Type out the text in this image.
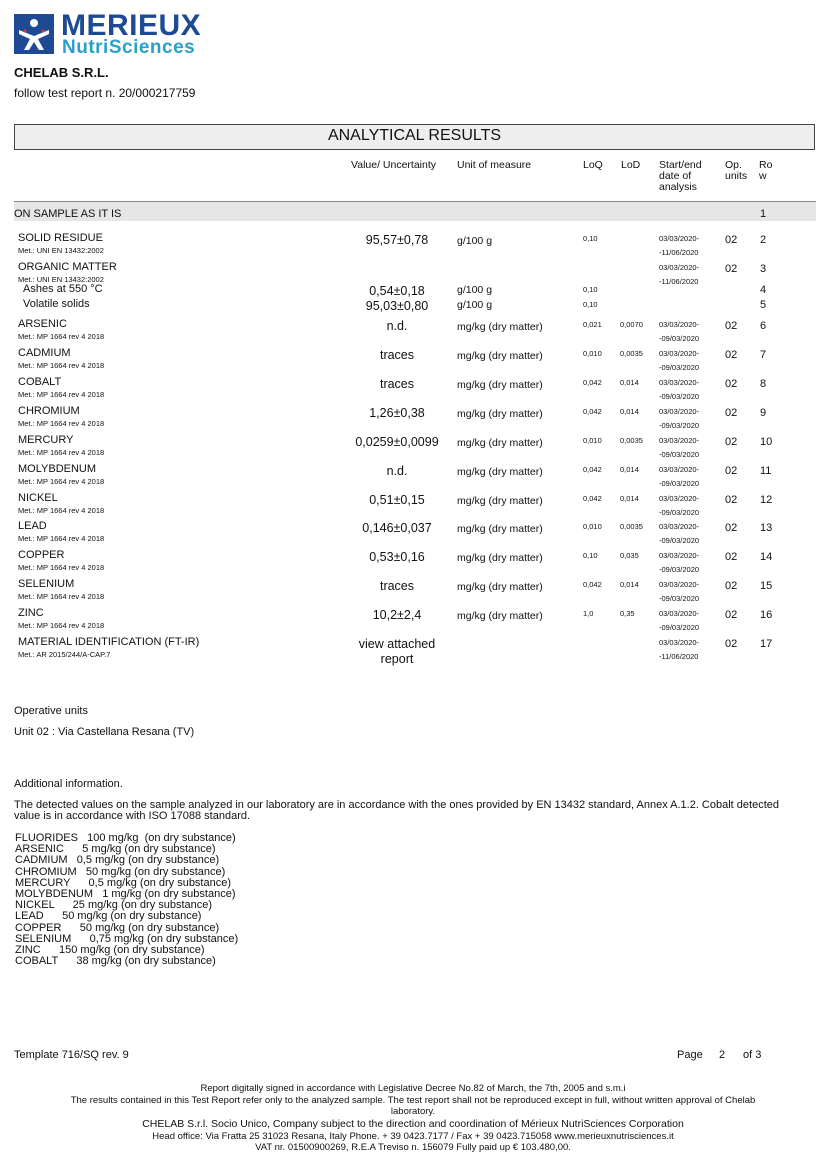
MERIEUX
NutriSciences
CHELAB S.R.L.
follow test report n. 20/000217759
ANALYTICAL RESULTS
Value/ Uncertainty Unit of measure	LoQ LoD Start/end
date of
analysis
Op.
units
Ro
w
ON SAMPLE AS IT IS	1
SOLID RESIDUE
Met.: UNI EN 13432:2002
95,57±0,78	g/100 g	0,10	03/03/2020-
-11/06/2020
02 2
ORGANIC MATTER
Met.: UNI EN 13432:2002
03/03/2020-
-11/06/2020
02 3
Ashes at 550 °C	0,54±0,18	g/100 g	0,10	4
Volatile solids	95,03±0,80	g/100 g	0,10	5
ARSENIC
Met.: MP 1664 rev 4 2018
n.d.	mg/kg (dry matter)	0,021 0,0070 03/03/2020-
-09/03/2020
02 6
CADMIUM
Met.: MP 1664 rev 4 2018
traces	mg/kg (dry matter)	0,010 0,0035 03/03/2020-
-09/03/2020
02 7
COBALT
Met.: MP 1664 rev 4 2018
traces	mg/kg (dry matter)	0,042 0,014	03/03/2020-
-09/03/2020
02 8
CHROMIUM
Met.: MP 1664 rev 4 2018
1,26±0,38	mg/kg (dry matter)	0,042 0,014	03/03/2020-
-09/03/2020
02 9
MERCURY
Met.: MP 1664 rev 4 2018
0,0259±0,0099	mg/kg (dry matter)	0,010 0,0035 03/03/2020-
-09/03/2020
02 10
MOLYBDENUM
Met.: MP 1664 rev 4 2018
n.d.	mg/kg (dry matter)	0,042 0,014	03/03/2020-
-09/03/2020
02 11
NICKEL
Met.: MP 1664 rev 4 2018
0,51±0,15	mg/kg (dry matter)	0,042 0,014	03/03/2020-
-09/03/2020
02 12
LEAD
Met.: MP 1664 rev 4 2018
0,146±0,037	mg/kg (dry matter)	0,010 0,0035 03/03/2020-
-09/03/2020
02 13
COPPER
Met.: MP 1664 rev 4 2018
0,53±0,16	mg/kg (dry matter)	0,10	0,035	03/03/2020-
-09/03/2020
02 14
SELENIUM
Met.: MP 1664 rev 4 2018
traces	mg/kg (dry matter)	0,042 0,014	03/03/2020-
-09/03/2020
02 15
ZINC
Met.: MP 1664 rev 4 2018
10,2±2,4	mg/kg (dry matter)	1,0	0,35	03/03/2020-
-09/03/2020
02 16
MATERIAL IDENTIFICATION (FT-IR)
Met.: AR 2015/244/A-CAP.7
view attached
report
03/03/2020-
-11/06/2020
02 17
Operative units
Unit 02 : Via Castellana Resana (TV)
Additional information.
The detected values on the sample analyzed in our laboratory are in accordance with the ones provided by EN 13432 standard, Annex A.1.2. Cobalt detected
value is in accordance with ISO 17088 standard.
FLUORIDES   100 mg/kg  (on dry substance)
ARSENIC      5 mg/kg (on dry substance)
CADMIUM   0,5 mg/kg (on dry substance)
CHROMIUM   50 mg/kg (on dry substance)
MERCURY      0,5 mg/kg (on dry substance)
MOLYBDENUM   1 mg/kg (on dry substance)
NICKEL      25 mg/kg (on dry substance)
LEAD      50 mg/kg (on dry substance)
COPPER      50 mg/kg (on dry substance)
SELENIUM      0,75 mg/kg (on dry substance)
ZINC      150 mg/kg (on dry substance)
COBALT      38 mg/kg (on dry substance)
Template 716/SQ rev. 9	Page 2 of 3
Report digitally signed in accordance with Legislative Decree No.82 of March, the 7th, 2005 and s.m.i
The results contained in this Test Report refer only to the analyzed sample. The test report shall not be reproduced except in full, without written approval of Chelab
laboratory.
CHELAB S.r.l. Socio Unico, Company subject to the direction and coordination of Mérieux NutriSciences Corporation
Head office: Via Fratta 25 31023 Resana, Italy Phone. + 39 0423.7177 / Fax + 39 0423.715058 www.merieuxnutrisciences.it
VAT nr. 01500900269, R.E.A Treviso n. 156079 Fully paid up € 103.480,00.
